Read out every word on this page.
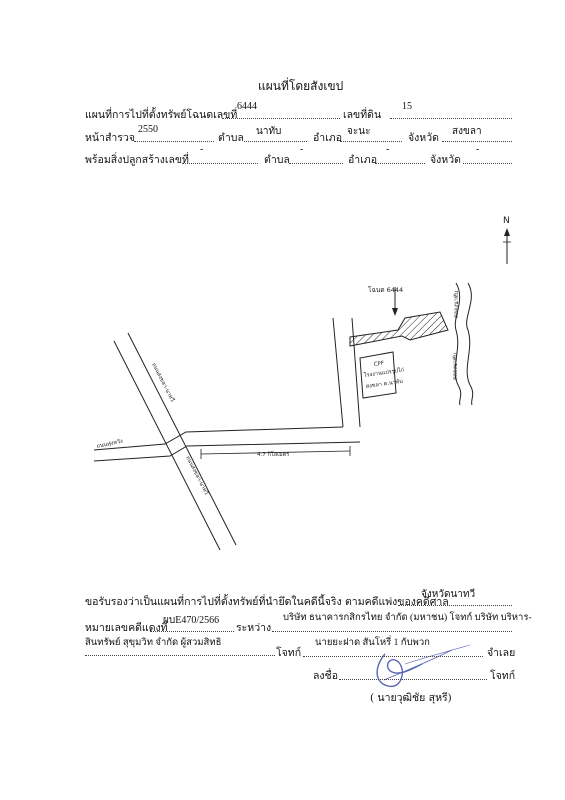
แผนที่โดยสังเขป
แผนที่การไปที่ตั้งทรัพย์โฉนดเลขที่
6444
เลขที่ดิน
15
หน้าสำรวจ
2550
ตำบล
นาทับ
อำเภอ
จะนะ
จังหวัด
สงขลา
พร้อมสิ่งปลูกสร้างเลขที่
-
ตำบล
-
อำเภอ
-
จังหวัด
-
N
คลองนาทับ
คลองนาทับ
โฉนด 6444
CPF
โรงงานแปรรูปไก่
สงขลา ต.นาทับ
4.7 กิโลเมตร
ถนนสงขลา-นาทวี
ถนนทุ่งหวัง
ถนนสงขลา-นาทวี
ขอรับรองว่าเป็นแผนที่การไปที่ตั้งทรัพย์ที่นำยึดในคดีนี้จริง ตามคดีแพ่งของคดีศาล
จังหวัดนาทวี
หมายเลขคดีแดงที่
ผบE470/2566
ระหว่าง
บริษัท ธนาคารกสิกรไทย จำกัด (มหาชน) โจทก์ บริษัท บริหาร-
สินทรัพย์ สุขุมวิท จำกัด ผู้สวมสิทธิ
โจทก์
นายยะฝาด สันโหรี่ 1 กับพวก
จำเลย
ลงชื่อ	โจทก์
( นายวุฒิชัย สุหรี)
